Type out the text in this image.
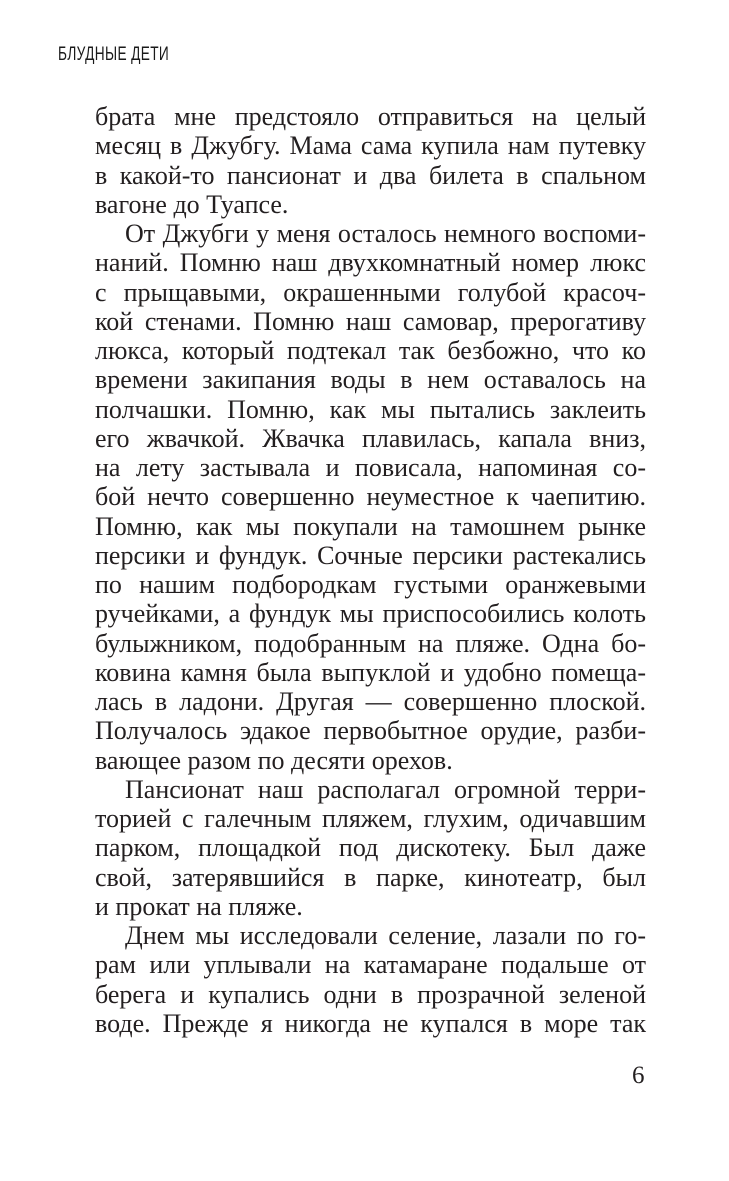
БЛУДНЫЕ ДЕТИ
брата мне предстояло отправиться на целый
месяц в Джубгу. Мама сама купила нам путевку
в какой-то пансионат и два билета в спальном
вагоне до Туапсе.
От Джубги у меня осталось немного воспоми-
наний. Помню наш двухкомнатный номер люкс
с прыщавыми, окрашенными голубой красоч-
кой стенами. Помню наш самовар, прерогативу
люкса, который подтекал так безбожно, что ко
времени закипания воды в нем оставалось на
полчашки. Помню, как мы пытались заклеить
его жвачкой. Жвачка плавилась, капала вниз,
на лету застывала и повисала, напоминая со-
бой нечто совершенно неуместное к чаепитию.
Помню, как мы покупали на тамошнем рынке
персики и фундук. Сочные персики растекались
по нашим подбородкам густыми оранжевыми
ручейками, а фундук мы приспособились колоть
булыжником, подобранным на пляже. Одна бо-
ковина камня была выпуклой и удобно помеща-
лась в ладони. Другая — совершенно плоской.
Получалось эдакое первобытное орудие, разби-
вающее разом по десяти орехов.
Пансионат наш располагал огромной терри-
торией с галечным пляжем, глухим, одичавшим
парком, площадкой под дискотеку. Был даже
свой, затерявшийся в парке, кинотеатр, был
и прокат на пляже.
Днем мы исследовали селение, лазали по го-
рам или уплывали на катамаране подальше от
берега и купались одни в прозрачной зеленой
воде. Прежде я никогда не купался в море так
6
